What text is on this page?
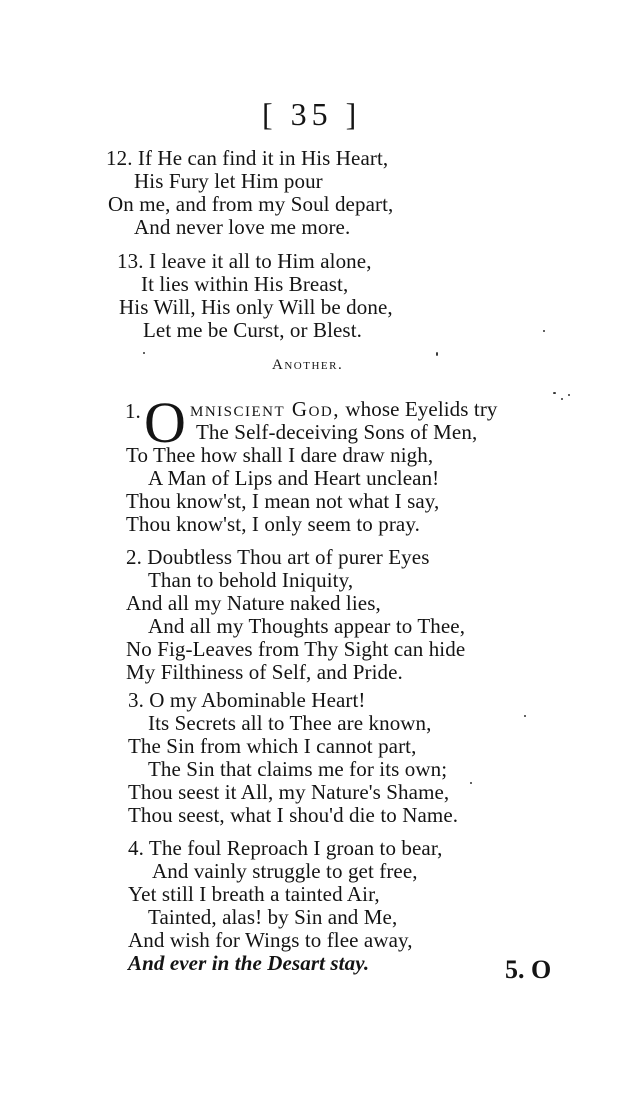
[ 35 ]
12. If He can find it in His Heart,
His Fury let Him pour
On me, and from my Soul depart,
And never love me more.
13. I leave it all to Him alone,
It lies within His Breast,
His Will, His only Will be done,
Let me be Curst, or Blest.
Another.
1. O mniscient God, whose Eyelids try
The Self-deceiving Sons of Men,
To Thee how shall I dare draw nigh,
A Man of Lips and Heart unclean!
Thou know'st, I mean not what I say,
Thou know'st, I only seem to pray.
2. Doubtless Thou art of purer Eyes
Than to behold Iniquity,
And all my Nature naked lies,
And all my Thoughts appear to Thee,
No Fig-Leaves from Thy Sight can hide
My Filthiness of Self, and Pride.
3. O my Abominable Heart!
Its Secrets all to Thee are known,
The Sin from which I cannot part,
The Sin that claims me for its own;
Thou seest it All, my Nature's Shame,
Thou seest, what I shou'd die to Name.
4. The foul Reproach I groan to bear,
And vainly struggle to get free,
Yet still I breath a tainted Air,
Tainted, alas! by Sin and Me,
And wish for Wings to flee away,
And ever in the Desart stay.	5. O
